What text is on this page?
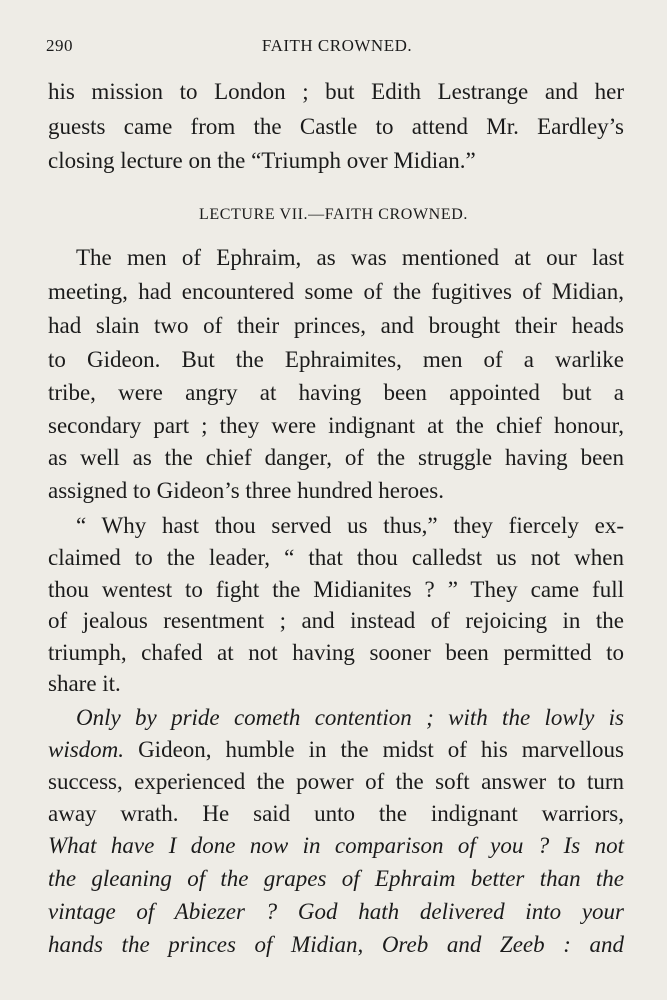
290	FAITH CROWNED.
his mission to London ; but Edith Lestrange and her
guests came from the Castle to attend Mr. Eardley’s
closing lecture on the “Triumph over Midian.”
LECTURE VII.—FAITH CROWNED.
The men of Ephraim, as was mentioned at our last
meeting, had encountered some of the fugitives of Midian,
had slain two of their princes, and brought their heads
to Gideon. But the Ephraimites, men of a warlike
tribe, were angry at having been appointed but a
secondary part ; they were indignant at the chief honour,
as well as the chief danger, of the struggle having been
assigned to Gideon’s three hundred heroes.
“ Why hast thou served us thus,” they fiercely ex-
claimed to the leader, “ that thou calledst us not when
thou wentest to fight the Midianites ? ” They came full
of jealous resentment ; and instead of rejoicing in the
triumph, chafed at not having sooner been permitted to
share it.
Only by pride cometh contention ; with the lowly is
wisdom. Gideon, humble in the midst of his marvellous
success, experienced the power of the soft answer to turn
away wrath. He said unto the indignant warriors,
What have I done now in comparison of you ? Is not
the gleaning of the grapes of Ephraim better than the
vintage of Abiezer ? God hath delivered into your
hands the princes of Midian, Oreb and Zeeb : and
